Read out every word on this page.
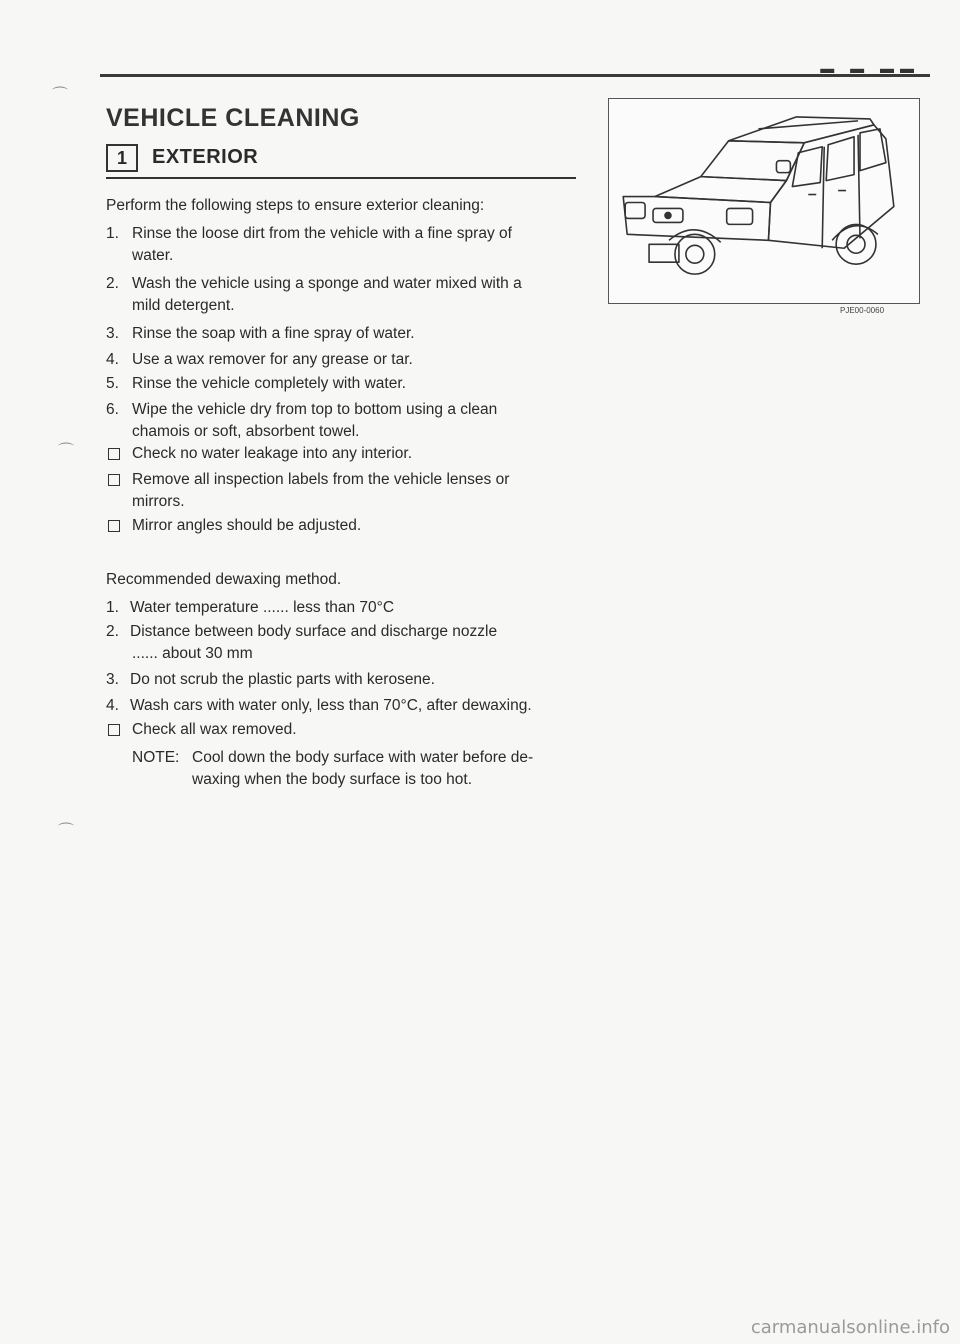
▬ ▬ ▬▬
⌒
⌒
⌒
VEHICLE CLEANING
1	EXTERIOR
Perform the following steps to ensure exterior cleaning:
1. Rinse the loose dirt from the vehicle with a fine spray of
water.
2. Wash the vehicle using a sponge and water mixed with a
mild detergent.
3. Rinse the soap with a fine spray of water.
4. Use a wax remover for any grease or tar.
5. Rinse the vehicle completely with water.
6. Wipe the vehicle dry from top to bottom using a clean
chamois or soft, absorbent towel.
Check no water leakage into any interior.
Remove all inspection labels from the vehicle lenses or
mirrors.
Mirror angles should be adjusted.
Recommended dewaxing method.
1. Water temperature ...... less than 70°C
2. Distance between body surface and discharge nozzle
...... about 30 mm
3. Do not scrub the plastic parts with kerosene.
4. Wash cars with water only, less than 70°C, after dewaxing.
Check all wax removed.
NOTE: Cool down the body surface with water before de-
waxing when the body surface is too hot.
PJE00-0060
carmanualsonline.info
